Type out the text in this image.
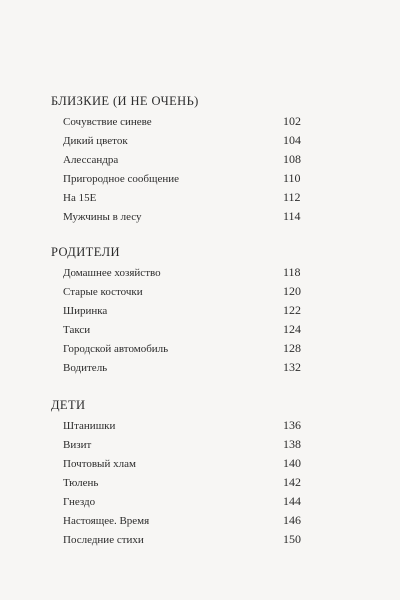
БЛИЗКИЕ (И НЕ ОЧЕНЬ)
Сочувствие синеве	102
Дикий цветок	104
Алессандра	108
Пригородное сообщение	110
На 15Е	112
Мужчины в лесу	114
РОДИТЕЛИ
Домашнее хозяйство	118
Старые косточки	120
Ширинка	122
Такси	124
Городской автомобиль	128
Водитель	132
ДЕТИ
Штанишки	136
Визит	138
Почтовый хлам	140
Тюлень	142
Гнездо	144
Настоящее. Время	146
Последние стихи	150
